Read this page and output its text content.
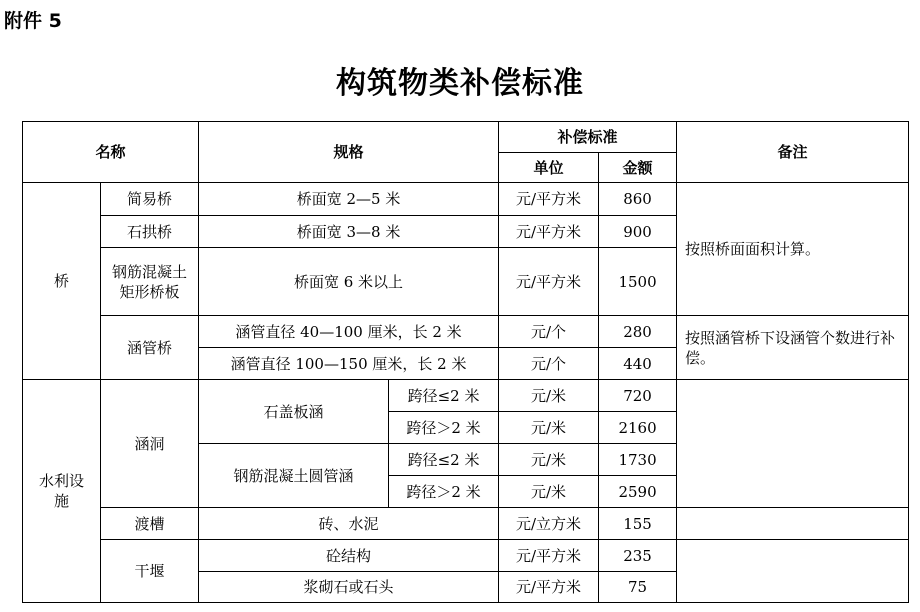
附件 5
构筑物类补偿标准
名称		规格		补偿标准		备注
				单位	金额	
桥	简易桥	桥面宽 2—5 米		元/平方米	860	按照桥面面积计算。
	石拱桥	桥面宽 3—8 米		元/平方米	900	
	钢筋混凝土矩形桥板	桥面宽 6 米以上		元/平方米	1500	
	涵管桥	涵管直径 40—100 厘米，长 2 米		元/个	280	按照涵管桥下设涵管个数进行补偿。
		涵管直径 100—150 厘米，长 2 米		元/个	440	
水利设施	涵洞	石盖板涵	跨径≤2 米	元/米	720	
			跨径＞2 米	元/米	2160	
		钢筋混凝土圆管涵	跨径≤2 米	元/米	1730	
			跨径＞2 米	元/米	2590	
	渡槽	砖、水泥		元/立方米	155	
	干堰	砼结构		元/平方米	235	
		浆砌石或石头		元/平方米	75	
